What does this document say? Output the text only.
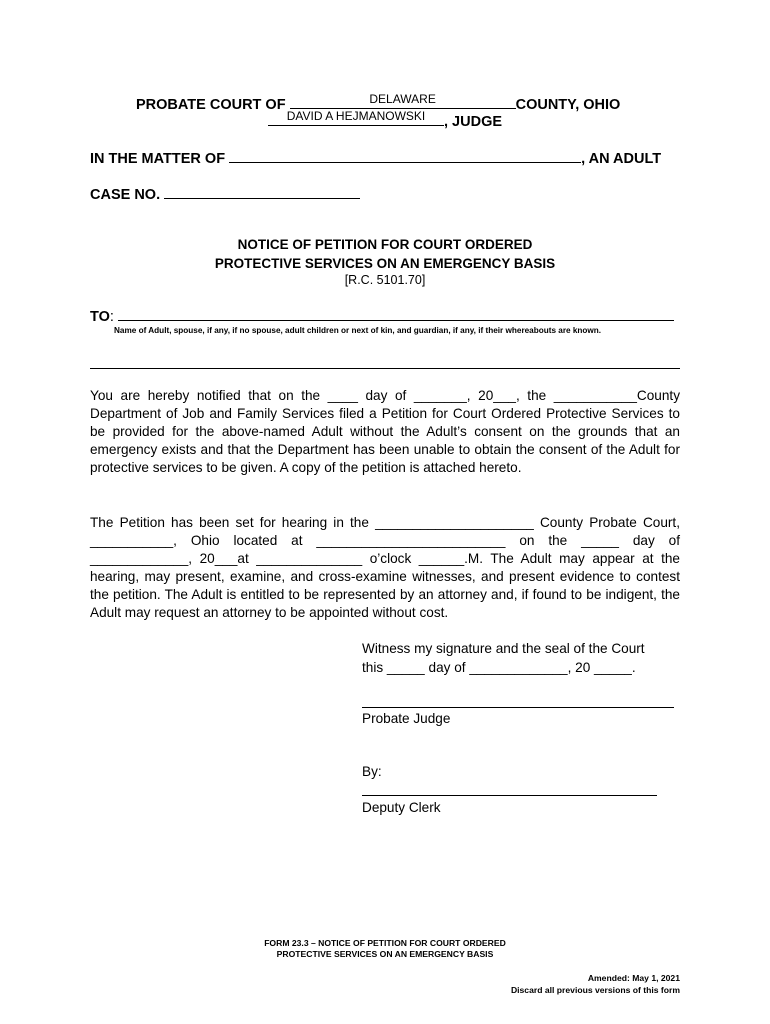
PROBATE COURT OF	DELAWARE	COUNTY, OHIO
DAVID A HEJMANOWSKI	, JUDGE
IN THE MATTER OF	, AN ADULT
CASE NO.
NOTICE OF PETITION FOR COURT ORDERED
PROTECTIVE SERVICES ON AN EMERGENCY BASIS
[R.C. 5101.70]
TO:
Name of Adult, spouse, if any, if no spouse, adult children or next of kin, and guardian, if any, if their whereabouts are known.
You are hereby notified that on the ____ day of _______, 20___, the ___________County Department of Job and Family Services filed a Petition for Court Ordered Protective Services to be provided for the above-named Adult without the Adult’s consent on the grounds that an emergency exists and that the Department has been unable to obtain the consent of the Adult for protective services to be given. A copy of the petition is attached hereto.
The Petition has been set for hearing in the _____________________ County Probate Court, ___________, Ohio located at _________________________ on the _____ day of _____________, 20___at ______________ o’clock ______.M. The Adult may appear at the hearing, may present, examine, and cross-examine witnesses, and present evidence to contest the petition. The Adult is entitled to be represented by an attorney and, if found to be indigent, the Adult may request an attorney to be appointed without cost.
Witness my signature and the seal of the Court
this _____ day of _____________, 20 _____.
Probate Judge
By:
Deputy Clerk
FORM 23.3 – NOTICE OF PETITION FOR COURT ORDERED
PROTECTIVE SERVICES ON AN EMERGENCY BASIS
Amended: May 1, 2021
Discard all previous versions of this form
